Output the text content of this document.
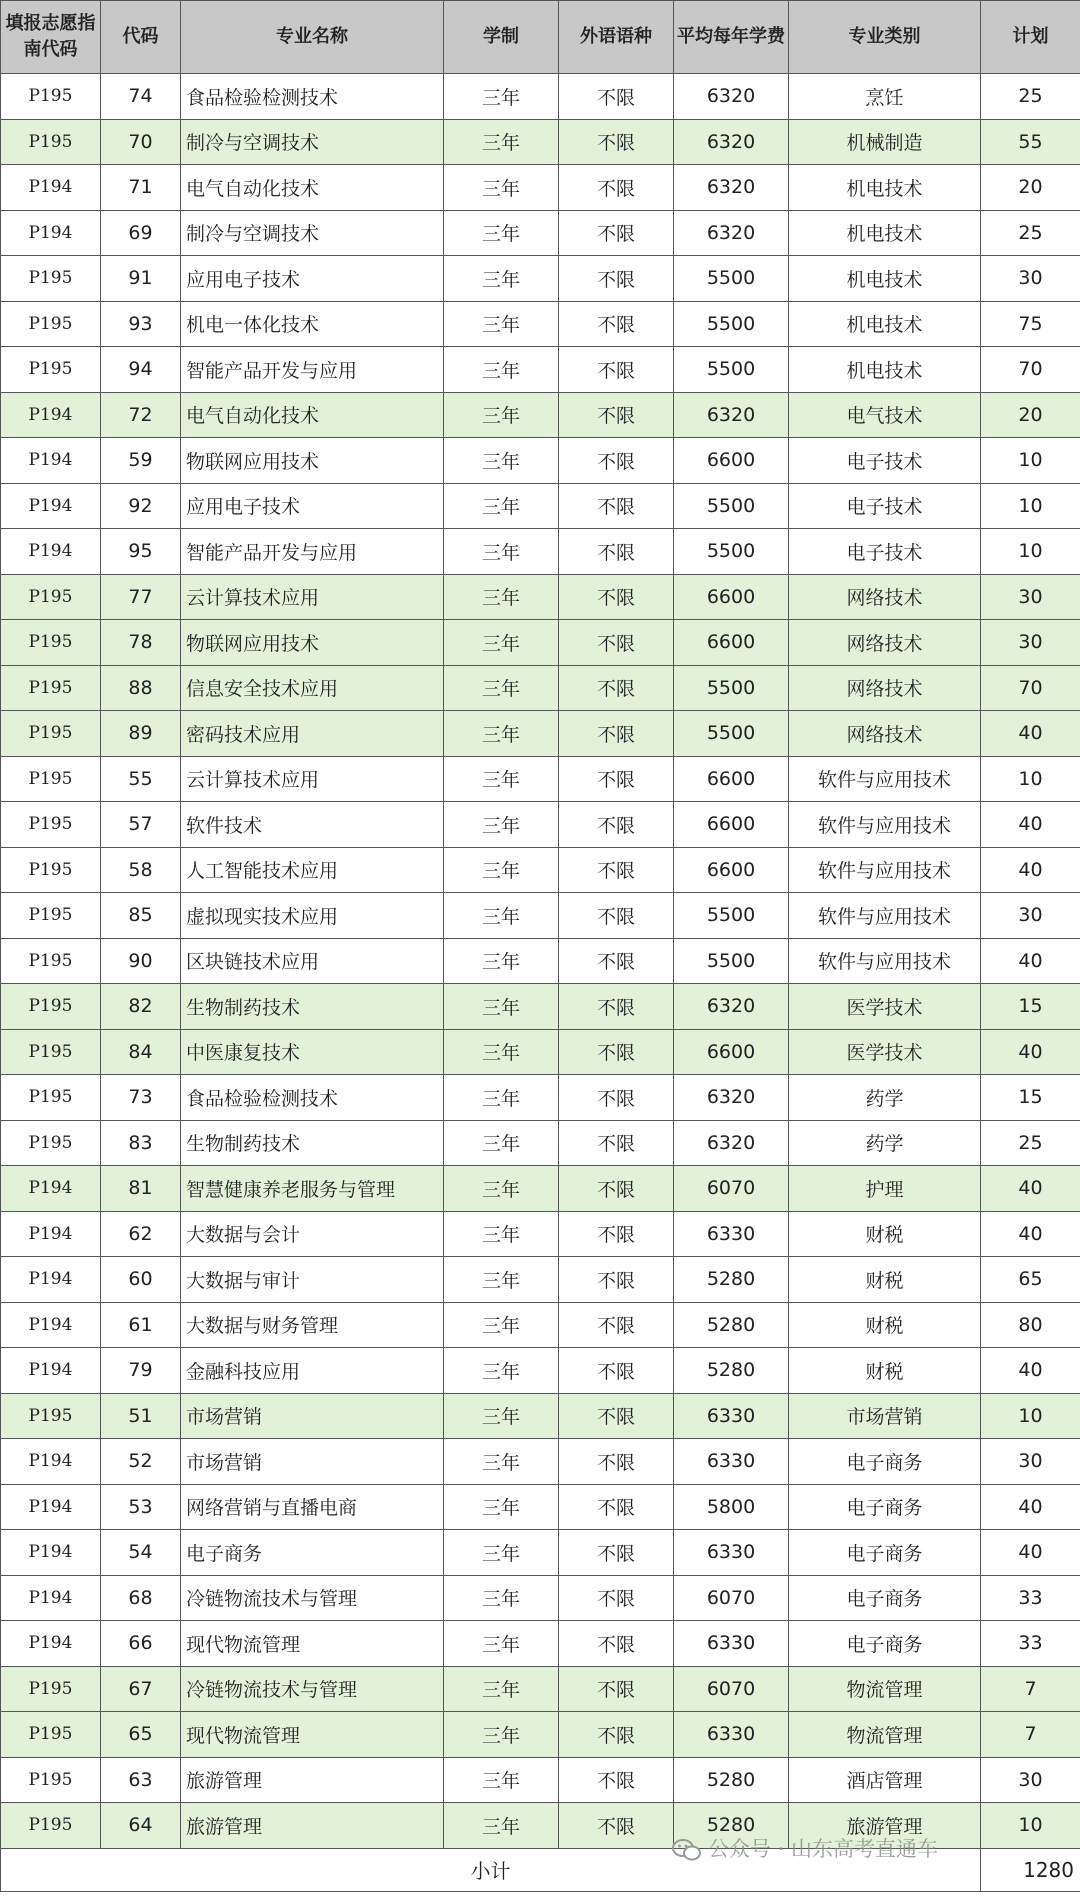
填报志愿指南代码	代码	专业名称	学制	外语语种	平均每年学费	专业类别	计划
P195	74	食品检验检测技术	三年	不限	6320	烹饪	25
P195	70	制冷与空调技术	三年	不限	6320	机械制造	55
P194	71	电气自动化技术	三年	不限	6320	机电技术	20
P194	69	制冷与空调技术	三年	不限	6320	机电技术	25
P195	91	应用电子技术	三年	不限	5500	机电技术	30
P195	93	机电一体化技术	三年	不限	5500	机电技术	75
P195	94	智能产品开发与应用	三年	不限	5500	机电技术	70
P194	72	电气自动化技术	三年	不限	6320	电气技术	20
P194	59	物联网应用技术	三年	不限	6600	电子技术	10
P194	92	应用电子技术	三年	不限	5500	电子技术	10
P194	95	智能产品开发与应用	三年	不限	5500	电子技术	10
P195	77	云计算技术应用	三年	不限	6600	网络技术	30
P195	78	物联网应用技术	三年	不限	6600	网络技术	30
P195	88	信息安全技术应用	三年	不限	5500	网络技术	70
P195	89	密码技术应用	三年	不限	5500	网络技术	40
P195	55	云计算技术应用	三年	不限	6600	软件与应用技术	10
P195	57	软件技术	三年	不限	6600	软件与应用技术	40
P195	58	人工智能技术应用	三年	不限	6600	软件与应用技术	40
P195	85	虚拟现实技术应用	三年	不限	5500	软件与应用技术	30
P195	90	区块链技术应用	三年	不限	5500	软件与应用技术	40
P195	82	生物制药技术	三年	不限	6320	医学技术	15
P195	84	中医康复技术	三年	不限	6600	医学技术	40
P195	73	食品检验检测技术	三年	不限	6320	药学	15
P195	83	生物制药技术	三年	不限	6320	药学	25
P194	81	智慧健康养老服务与管理	三年	不限	6070	护理	40
P194	62	大数据与会计	三年	不限	6330	财税	40
P194	60	大数据与审计	三年	不限	5280	财税	65
P194	61	大数据与财务管理	三年	不限	5280	财税	80
P194	79	金融科技应用	三年	不限	5280	财税	40
P195	51	市场营销	三年	不限	6330	市场营销	10
P194	52	市场营销	三年	不限	6330	电子商务	30
P194	53	网络营销与直播电商	三年	不限	5800	电子商务	40
P194	54	电子商务	三年	不限	6330	电子商务	40
P194	68	冷链物流技术与管理	三年	不限	6070	电子商务	33
P194	66	现代物流管理	三年	不限	6330	电子商务	33
P195	67	冷链物流技术与管理	三年	不限	6070	物流管理	7
P195	65	现代物流管理	三年	不限	6330	物流管理	7
P195	63	旅游管理	三年	不限	5280	酒店管理	30
P195	64	旅游管理	三年	不限	5280	旅游管理	10
小计							1280
公众号 · 山东高考直通车
